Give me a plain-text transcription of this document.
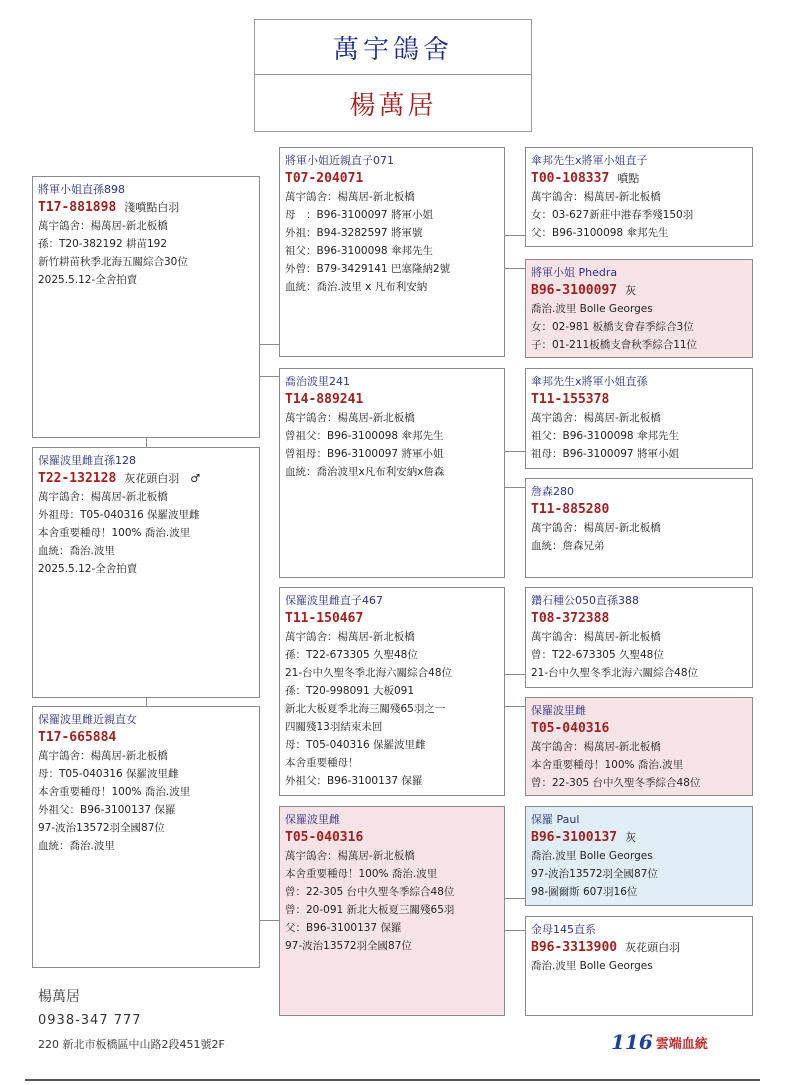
萬宇鴿舍
楊萬居
將軍小姐直孫898
T17-881898 淺噴點白羽
萬宇鴿舍：楊萬居-新北板橋
孫：T20-382192 耕苗192
新竹耕苗秋季北海五關綜合30位
2025.5.12-全舍拍賣
保羅波里雌直孫128
T22-132128 灰花頭白羽　♂
萬宇鴿舍：楊萬居-新北板橋
外祖母：T05-040316 保羅波里雌
本舍重要種母！100% 喬治.波里
血統：喬治.波里
2025.5.12-全舍拍賣
保羅波里雌近親直女
T17-665884
萬宇鴿舍：楊萬居-新北板橋
母：T05-040316 保羅波里雌
本舍重要種母！100% 喬治.波里
外祖父：B96-3100137 保羅
97-波治13572羽全國87位
血統：喬治.波里
將軍小姐近親直子071
T07-204071
萬宇鴿舍：楊萬居-新北板橋
母　：B96-3100097 將軍小姐
外祖：B94-3282597 將軍號
祖父：B96-3100098 傘邦先生
外曾：B79-3429141 巴塞隆納2號
血統：喬治.波里 x 凡布利安納
喬治波里241
T14-889241
萬宇鴿舍：楊萬居-新北板橋
曾祖父：B96-3100098 傘邦先生
曾祖母：B96-3100097 將軍小姐
血統：喬治波里x凡布利安納x詹森
保羅波里雌直子467
T11-150467
萬宇鴿舍：楊萬居-新北板橋
孫：T22-673305 久聖48位
21-台中久聖冬季北海六關綜合48位
孫：T20-998091 大板091
新北大板夏季北海三關殘65羽之一
四關殘13羽結束未回
母：T05-040316 保羅波里雌
本舍重要種母！
外祖父：B96-3100137 保羅
保羅波里雌
T05-040316
萬宇鴿舍：楊萬居-新北板橋
本舍重要種母！100% 喬治.波里
曾：22-305 台中久聖冬季綜合48位
曾：20-091 新北大板夏三關殘65羽
父：B96-3100137 保羅
97-波治13572羽全國87位
傘邦先生x將軍小姐直子
T00-108337 噴點
萬宇鴿舍：楊萬居-新北板橋
女：03-627新莊中港春季殘150羽
父：B96-3100098 傘邦先生
將軍小姐 Phedra
B96-3100097 灰
喬治.波里 Bolle Georges
女：02-981 板橋支會春季綜合3位
子：01-211板橋支會秋季綜合11位
傘邦先生x將軍小姐直孫
T11-155378
萬宇鴿舍：楊萬居-新北板橋
祖父：B96-3100098 傘邦先生
祖母：B96-3100097 將軍小姐
詹森280
T11-885280
萬宇鴿舍：楊萬居-新北板橋
血統：詹森兄弟
鑽石種公050直孫388
T08-372388
萬宇鴿舍：楊萬居-新北板橋
曾：T22-673305 久聖48位
21-台中久聖冬季北海六關綜合48位
保羅波里雌
T05-040316
萬宇鴿舍：楊萬居-新北板橋
本舍重要種母！100% 喬治.波里
曾：22-305 台中久聖冬季綜合48位
保羅 Paul
B96-3100137 灰
喬治.波里 Bolle Georges
97-波治13572羽全國87位
98-圖爾斯 607羽16位
金母145直系
B96-3313900 灰花頭白羽
喬治.波里 Bolle Georges
楊萬居
0938-347 777
220 新北市板橋區中山路2段451號2F	116 雲端血統
